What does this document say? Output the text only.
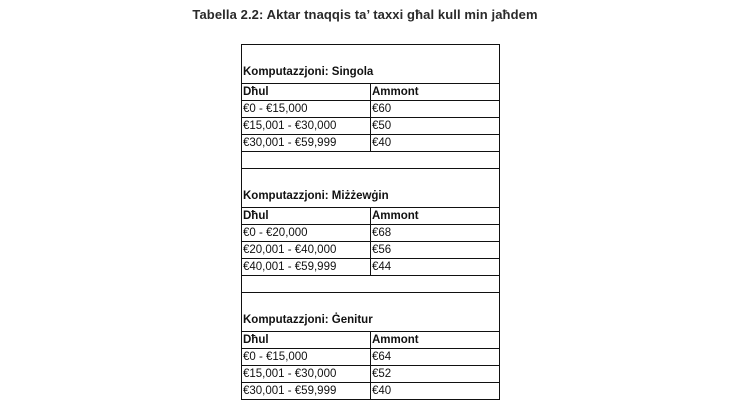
Tabella 2.2: Aktar tnaqqis ta’ taxxi għal kull min jaħdem
Komputazzjoni: Singola	
Dħul	Ammont
€0 - €15,000	€60
€15,001 - €30,000	€50
€30,001 - €59,999	€40

Komputazzjoni: Miżżewġin	
Dħul	Ammont
€0 - €20,000	€68
€20,001 - €40,000	€56
€40,001 - €59,999	€44

Komputazzjoni: Ġenitur	
Dħul	Ammont
€0 - €15,000	€64
€15,001 - €30,000	€52
€30,001 - €59,999	€40
